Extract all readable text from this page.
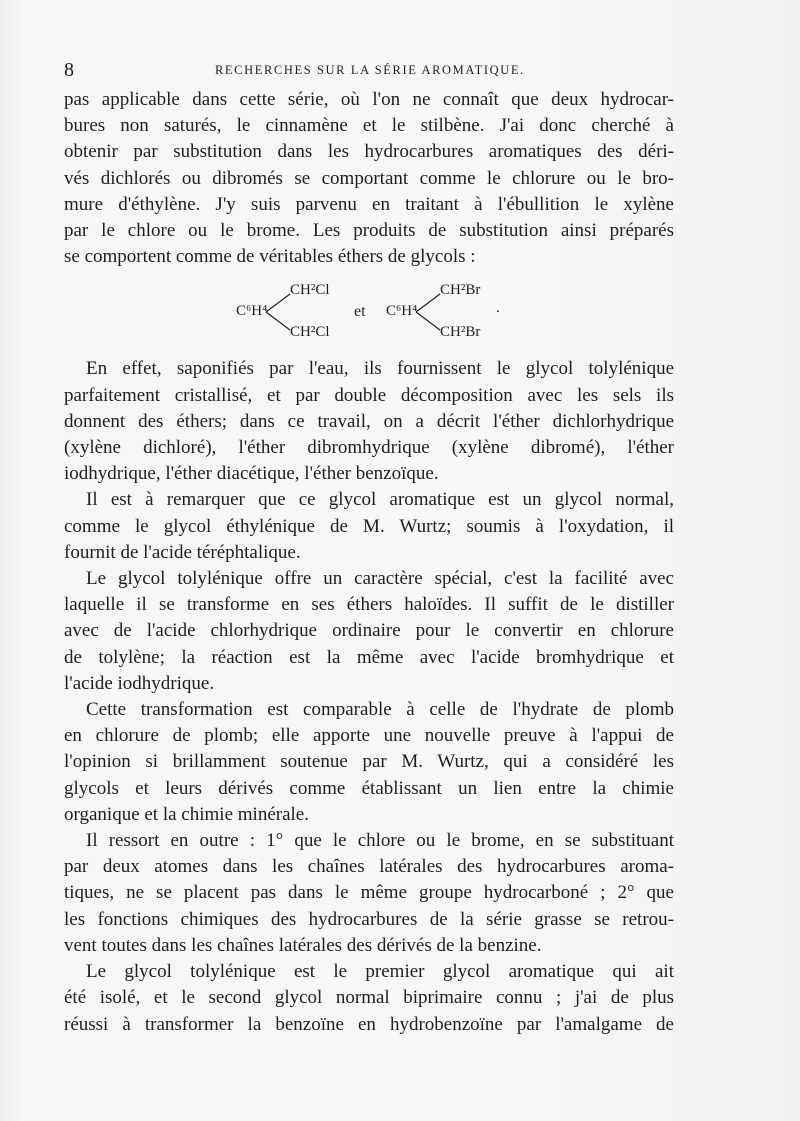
8	RECHERCHES SUR LA SÉRIE AROMATIQUE.

pas applicable dans cette série, où l'on ne connaît que deux hydrocar-
bures non saturés, le cinnamène et le stilbène. J'ai donc cherché à
obtenir par substitution dans les hydrocarbures aromatiques des déri-
vés dichlorés ou dibromés se comportant comme le chlorure ou le bro-
mure d'éthylène. J'y suis parvenu en traitant à l'ébullition le xylène
par le chlore ou le brome. Les produits de substitution ainsi préparés
se comportent comme de véritables éthers de glycols :

C⁶H⁴
CH²Cl
CH²Cl
et C⁶H⁴
CH²Br
CH²Br
.

En effet, saponifiés par l'eau, ils fournissent le glycol tolylénique
parfaitement cristallisé, et par double décomposition avec les sels ils
donnent des éthers; dans ce travail, on a décrit l'éther dichlorhydrique
(xylène dichloré), l'éther dibromhydrique (xylène dibromé), l'éther
iodhydrique, l'éther diacétique, l'éther benzoïque.

Il est à remarquer que ce glycol aromatique est un glycol normal,
comme le glycol éthylénique de M. Wurtz; soumis à l'oxydation, il
fournit de l'acide téréphtalique.

Le glycol tolylénique offre un caractère spécial, c'est la facilité avec
laquelle il se transforme en ses éthers haloïdes. Il suffit de le distiller
avec de l'acide chlorhydrique ordinaire pour le convertir en chlorure
de tolylène; la réaction est la même avec l'acide bromhydrique et
l'acide iodhydrique.

Cette transformation est comparable à celle de l'hydrate de plomb
en chlorure de plomb; elle apporte une nouvelle preuve à l'appui de
l'opinion si brillamment soutenue par M. Wurtz, qui a considéré les
glycols et leurs dérivés comme établissant un lien entre la chimie
organique et la chimie minérale.

Il ressort en outre : 1° que le chlore ou le brome, en se substituant
par deux atomes dans les chaînes latérales des hydrocarbures aroma-
tiques, ne se placent pas dans le même groupe hydrocarboné ; 2° que
les fonctions chimiques des hydrocarbures de la série grasse se retrou-
vent toutes dans les chaînes latérales des dérivés de la benzine.

Le glycol tolylénique est le premier glycol aromatique qui ait
été isolé, et le second glycol normal biprimaire connu ; j'ai de plus
réussi à transformer la benzoïne en hydrobenzoïne par l'amalgame de
